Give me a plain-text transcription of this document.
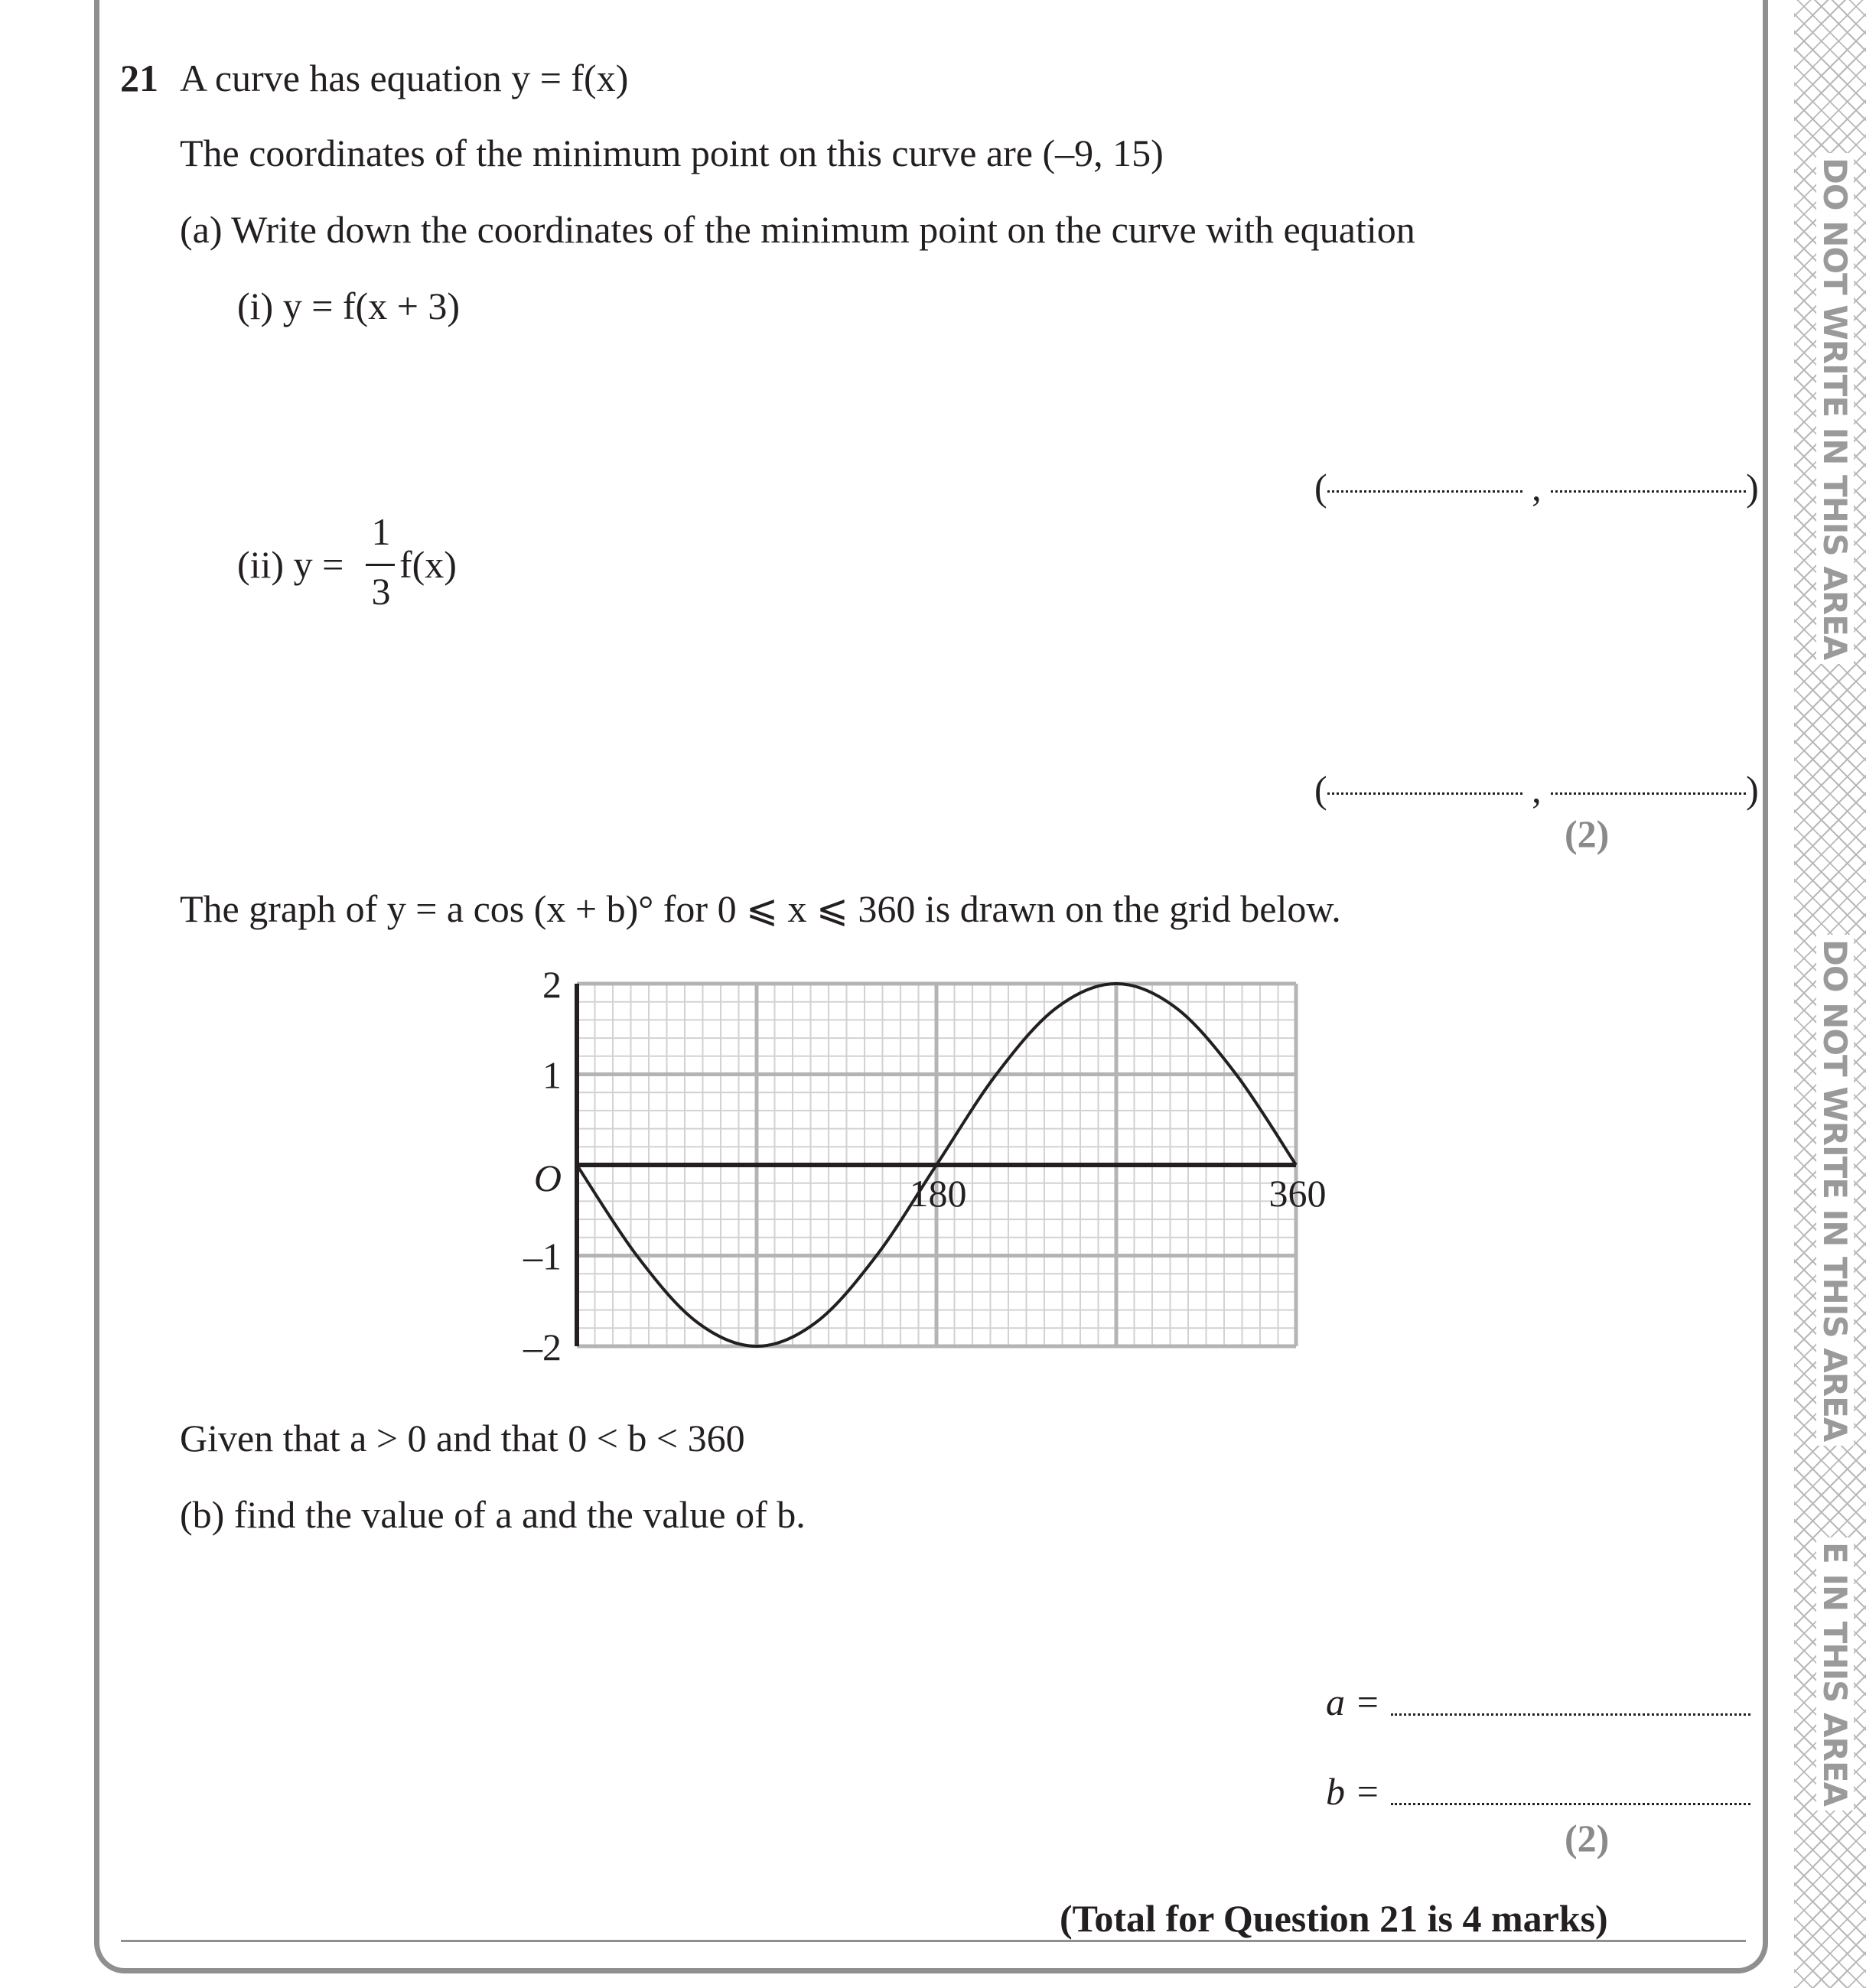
21 A curve has equation y = f(x)
The coordinates of the minimum point on this curve are (–9, 15)
(a) Write down the coordinates of the minimum point on the curve with equation
(i) y = f(x + 3)
(	,	)
(ii) y =
1
3
f(x)
(	,	)
(2)
The graph of y = a cos (x + b)° for 0 ⩽ x ⩽ 360 is drawn on the grid below.
2
1
O
–1
–2
180	360
Given that a > 0 and that 0 < b < 360
(b) find the value of a and the value of b.
a =
b =
(2)
(Total for Question 21 is 4 marks)
DO NOT WRITE IN THIS AREA
DO NOT WRITE IN THIS AREA
E IN THIS AREA
